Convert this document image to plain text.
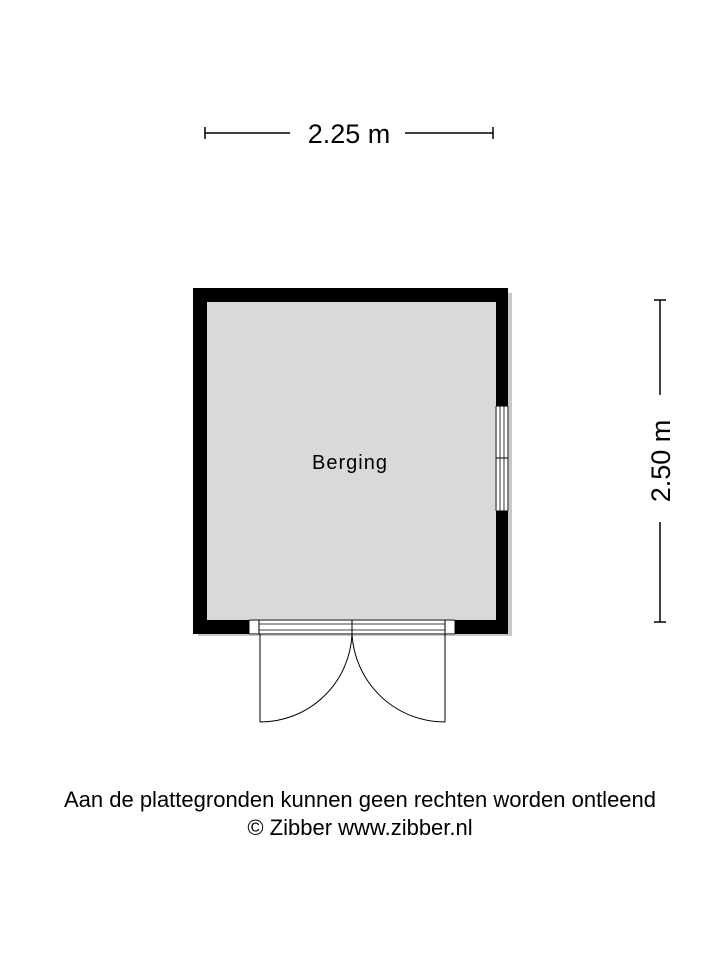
2.25 m
2.50 m
Berging
Aan de plattegronden kunnen geen rechten worden ontleend
© Zibber www.zibber.nl
